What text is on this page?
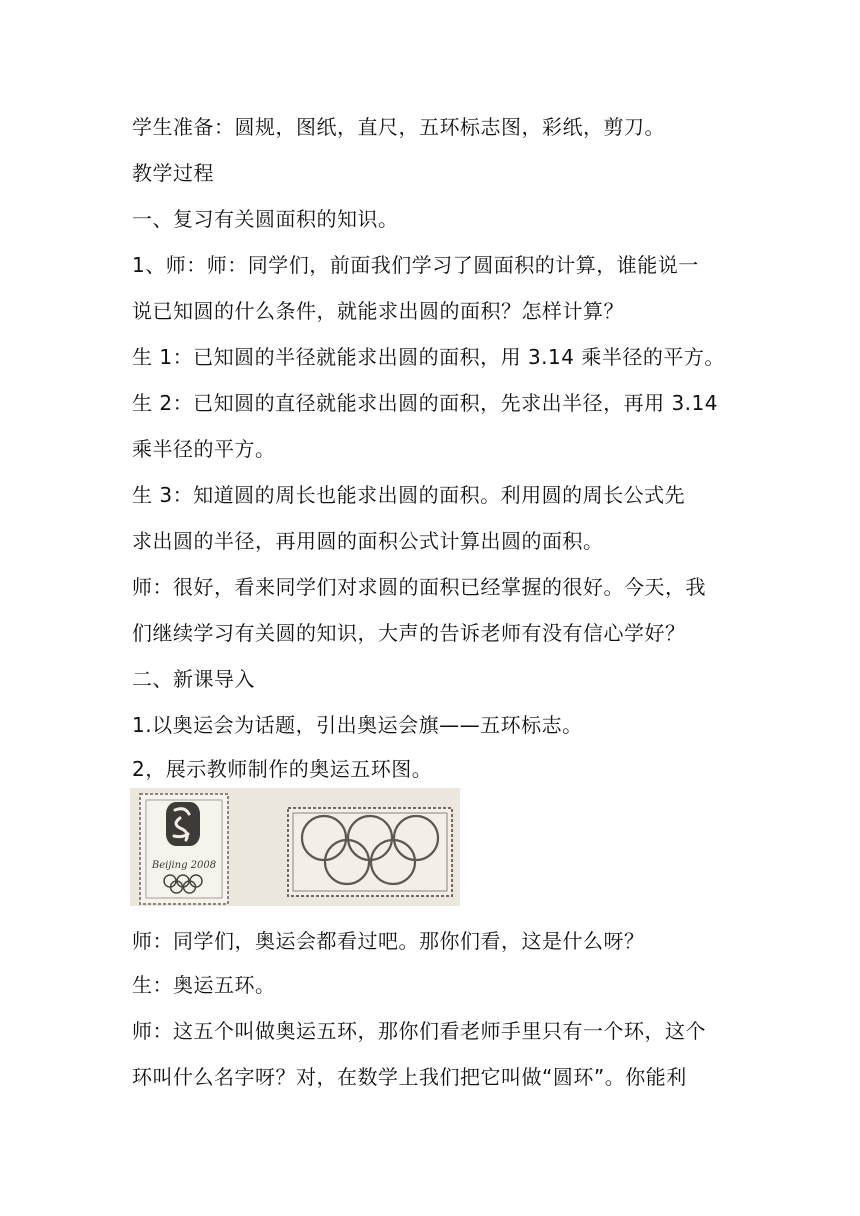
学生准备：圆规，图纸，直尺，五环标志图，彩纸，剪刀。
教学过程
一、复习有关圆面积的知识。
1、师：师：同学们，前面我们学习了圆面积的计算，谁能说一
说已知圆的什么条件，就能求出圆的面积？怎样计算？
生 1：已知圆的半径就能求出圆的面积，用 3.14 乘半径的平方。
生 2：已知圆的直径就能求出圆的面积，先求出半径，再用 3.14
乘半径的平方。
生 3：知道圆的周长也能求出圆的面积。利用圆的周长公式先
求出圆的半径，再用圆的面积公式计算出圆的面积。
师：很好，看来同学们对求圆的面积已经掌握的很好。今天，我
们继续学习有关圆的知识，大声的告诉老师有没有信心学好？
二、新课导入
1.以奥运会为话题，引出奥运会旗——五环标志。
2，展示教师制作的奥运五环图。
Beijing 2008
师：同学们，奥运会都看过吧。那你们看，这是什么呀？
生：奥运五环。
师：这五个叫做奥运五环，那你们看老师手里只有一个环，这个
环叫什么名字呀？对，在数学上我们把它叫做“圆环”。你能利
